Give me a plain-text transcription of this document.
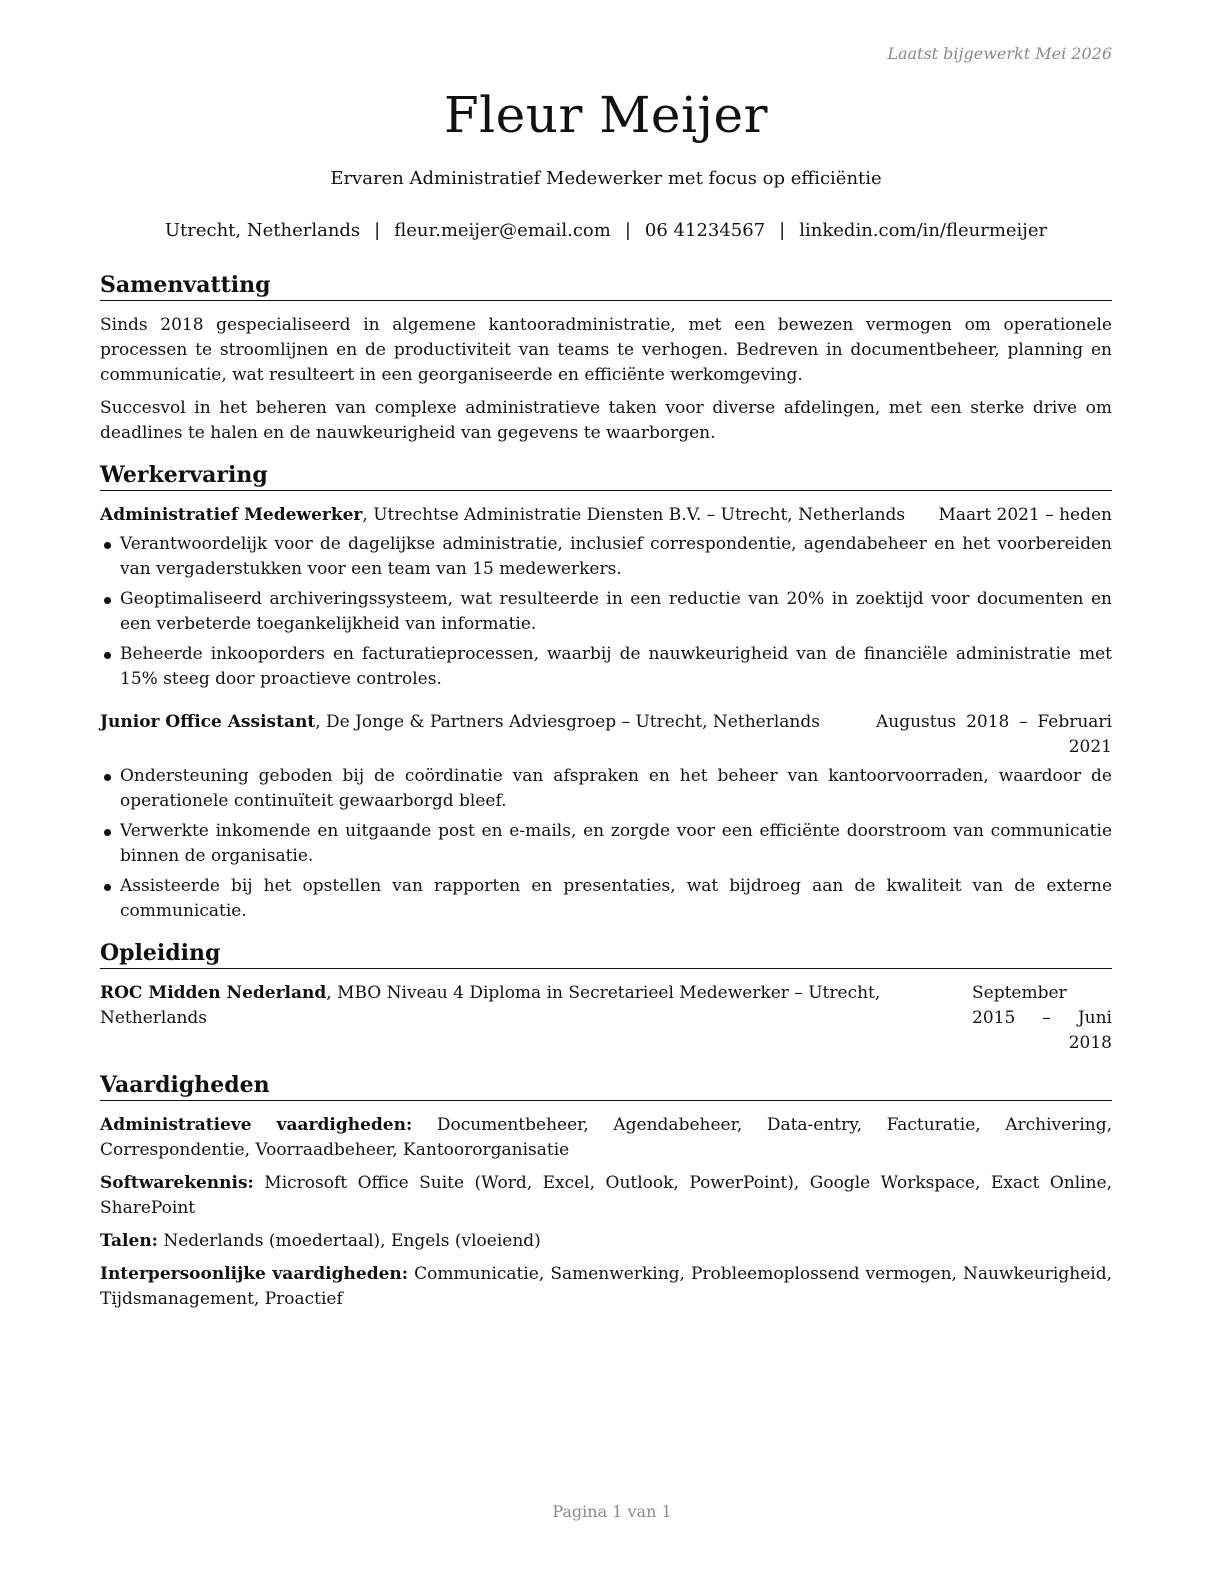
Laatst bijgewerkt Mei 2026
Fleur Meijer
Ervaren Administratief Medewerker met focus op efficiëntie
Utrecht, Netherlands | fleur.meijer@email.com | 06 41234567 | linkedin.com/in/fleurmeijer
Samenvatting

Sinds 2018 gespecialiseerd in algemene kantooradministratie, met een bewezen vermogen om operationele processen te stroomlijnen en de productiviteit van teams te verhogen. Bedreven in documentbeheer, planning en communicatie, wat resulteert in een georganiseerde en efficiënte werkomgeving.

Succesvol in het beheren van complexe administratieve taken voor diverse afdelingen, met een sterke drive om deadlines te halen en de nauwkeurigheid van gegevens te waarborgen.

Werkervaring
Administratief Medewerker, Utrechtse Administratie Diensten B.V. – Utrecht, Netherlands	Maart 2021 – heden
Verantwoordelijk voor de dagelijkse administratie, inclusief correspondentie, agendabeheer en het voorbereiden van vergaderstukken voor een team van 15 medewerkers.
Geoptimaliseerd archiveringssysteem, wat resulteerde in een reductie van 20% in zoektijd voor documenten en een verbeterde toegankelijkheid van informatie.
Beheerde inkooporders en facturatieprocessen, waarbij de nauwkeurigheid van de financiële administratie met 15% steeg door proactieve controles.
Junior Office Assistant, De Jonge & Partners Adviesgroep – Utrecht, Netherlands	Augustus 2018 – Februari 2021
Ondersteuning geboden bij de coördinatie van afspraken en het beheer van kantoorvoorraden, waardoor de operationele continuïteit gewaarborgd bleef.
Verwerkte inkomende en uitgaande post en e-mails, en zorgde voor een efficiënte doorstroom van communicatie binnen de organisatie.
Assisteerde bij het opstellen van rapporten en presentaties, wat bijdroeg aan de kwaliteit van de externe communicatie.
Opleiding
ROC Midden Nederland, MBO Niveau 4 Diploma in Secretarieel Medewerker – Utrecht, Netherlands
September 2015 – Juni 2018
Vaardigheden

Administratieve vaardigheden: Documentbeheer, Agendabeheer, Data-entry, Facturatie, Archivering, Correspondentie, Voorraadbeheer, Kantoororganisatie

Softwarekennis: Microsoft Office Suite (Word, Excel, Outlook, PowerPoint), Google Workspace, Exact Online, SharePoint

Talen: Nederlands (moedertaal), Engels (vloeiend)

Interpersoonlijke vaardigheden: Communicatie, Samenwerking, Probleemoplossend vermogen, Nauwkeurigheid, Tijdsmanagement, Proactief

Pagina 1 van 1
